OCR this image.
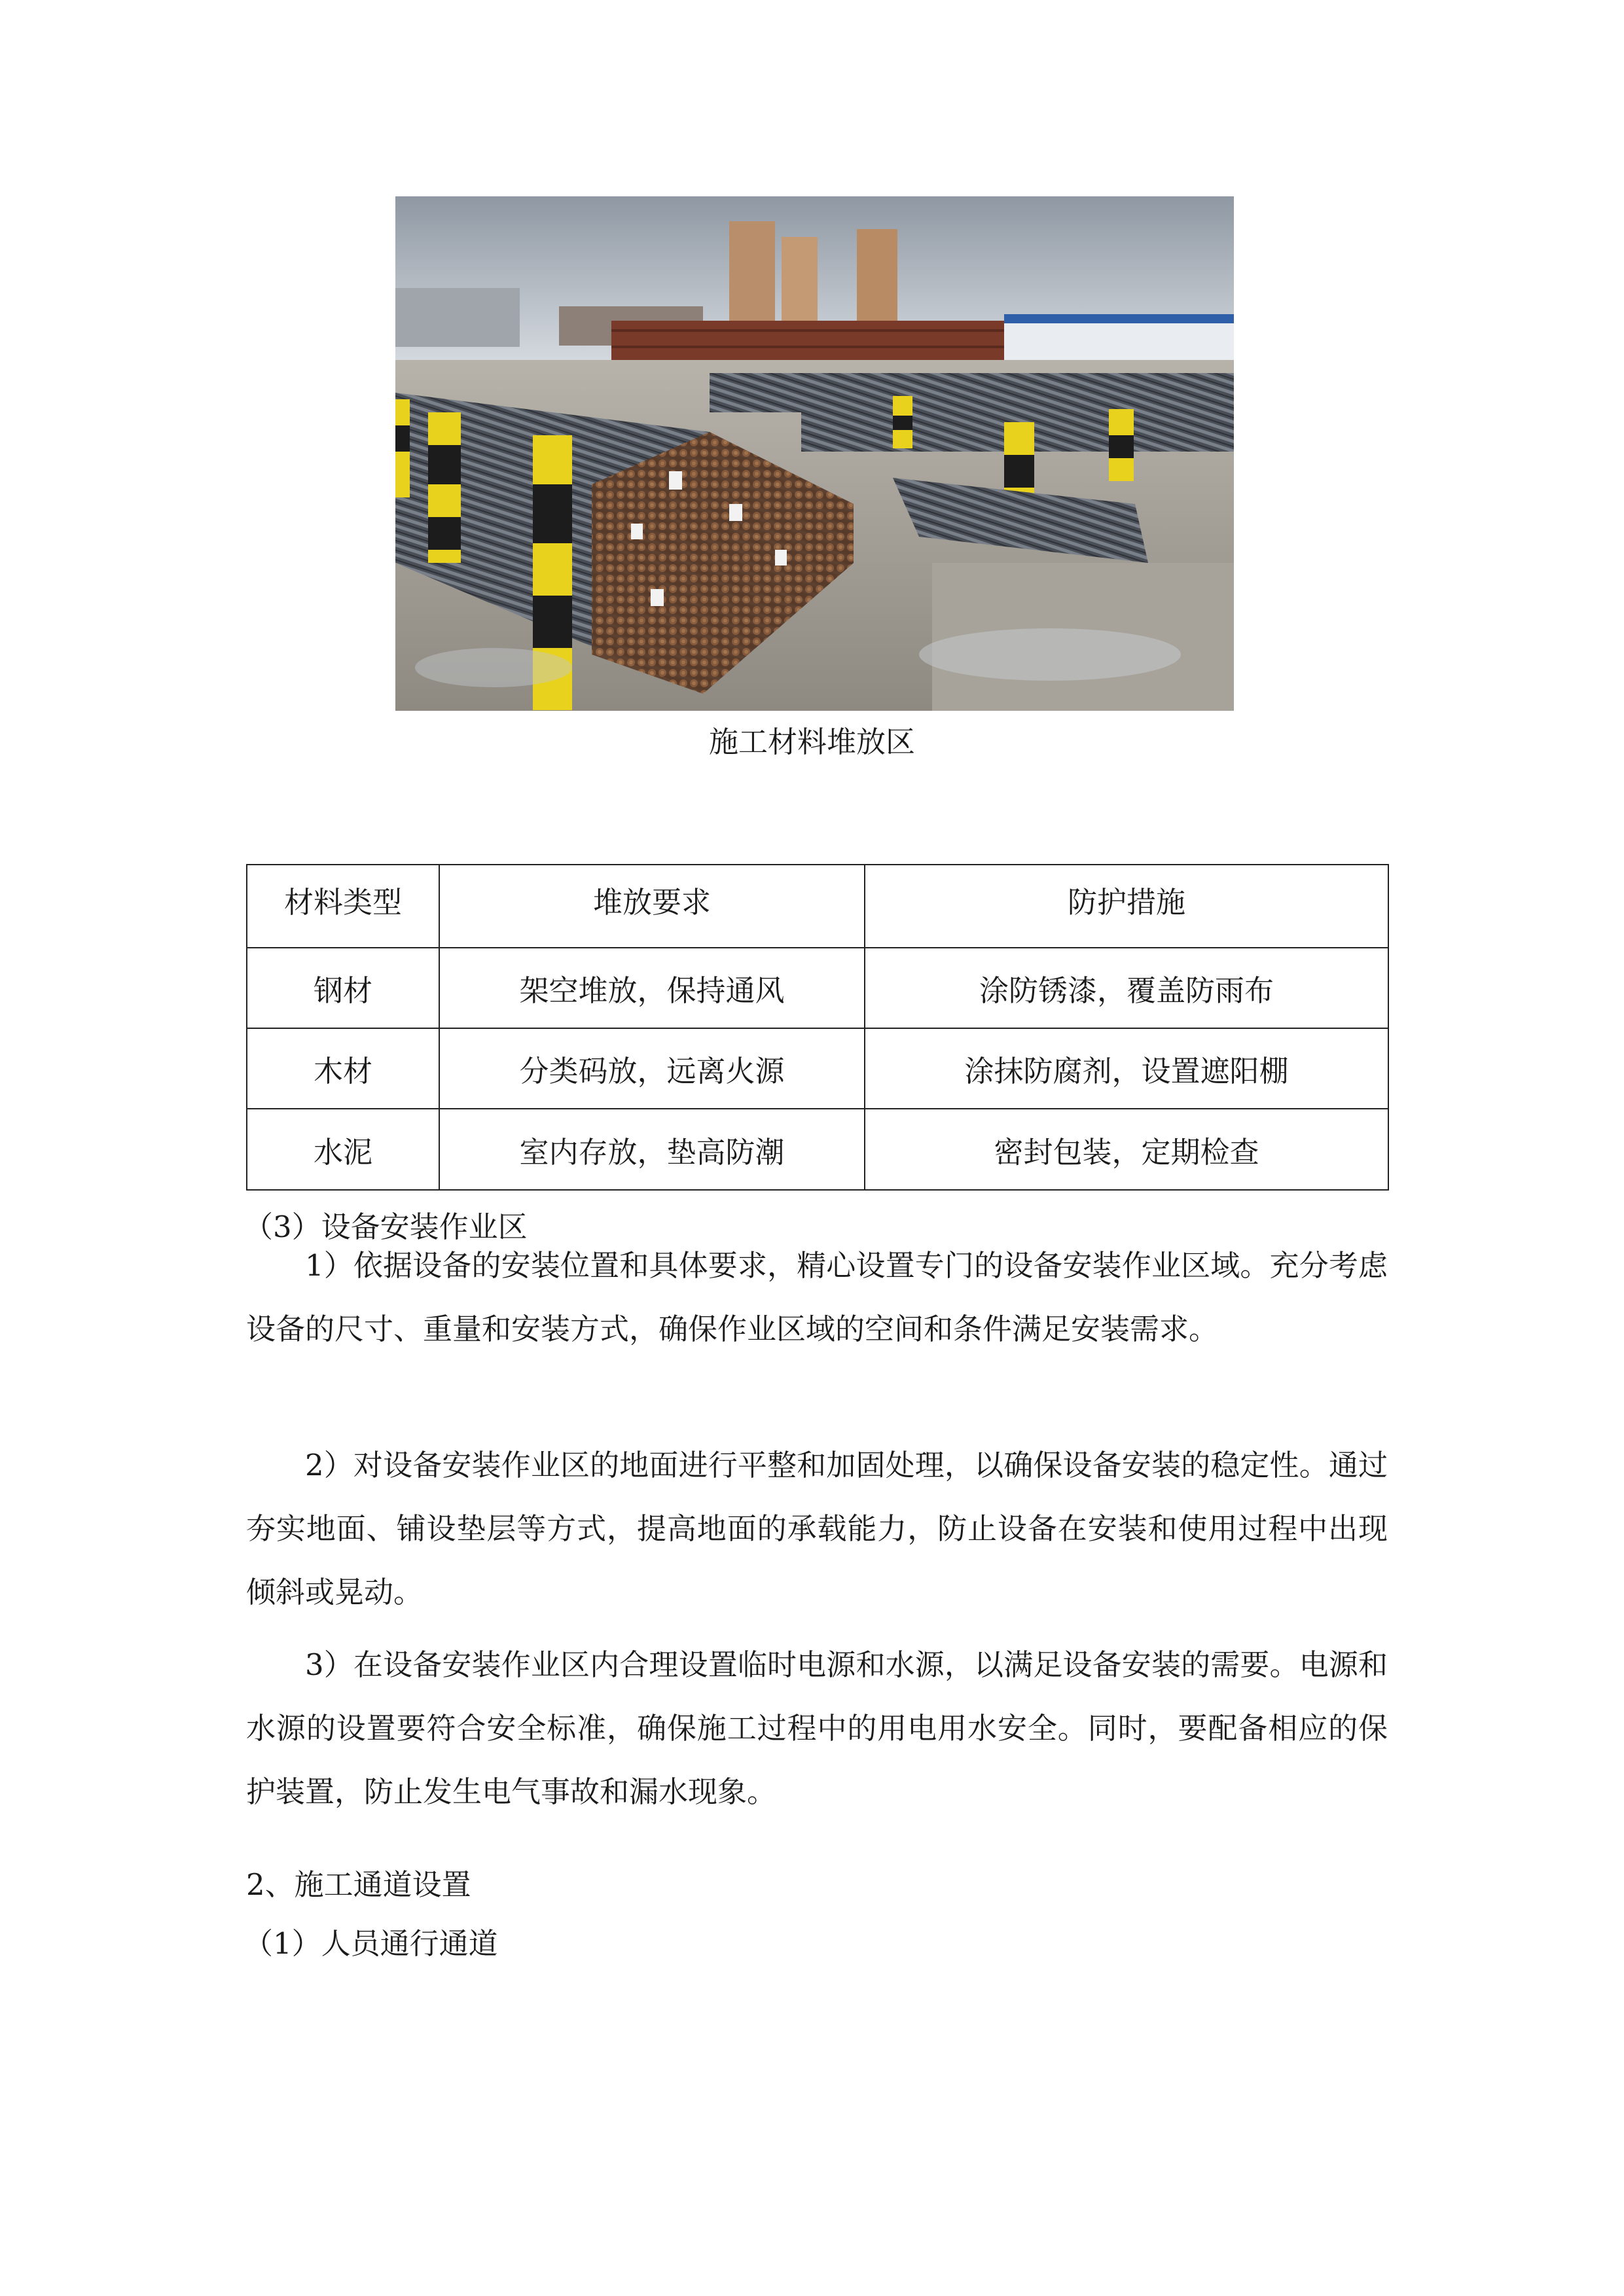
施工材料堆放区
材料类型	堆放要求	防护措施
钢材	架空堆放，保持通风	涂防锈漆，覆盖防雨布
木材	分类码放，远离火源	涂抹防腐剂，设置遮阳棚
水泥	室内存放，垫高防潮	密封包装，定期检查
（3）设备安装作业区

1）依据设备的安装位置和具体要求，精心设置专门的设备安装作业区域。充分考虑设备的尺寸、重量和安装方式，确保作业区域的空间和条件满足安装需求。

2）对设备安装作业区的地面进行平整和加固处理，以确保设备安装的稳定性。通过夯实地面、铺设垫层等方式，提高地面的承载能力，防止设备在安装和使用过程中出现倾斜或晃动。

3）在设备安装作业区内合理设置临时电源和水源，以满足设备安装的需要。电源和水源的设置要符合安全标准，确保施工过程中的用电用水安全。同时，要配备相应的保护装置，防止发生电气事故和漏水现象。

2、施工通道设置
（1）人员通行通道
